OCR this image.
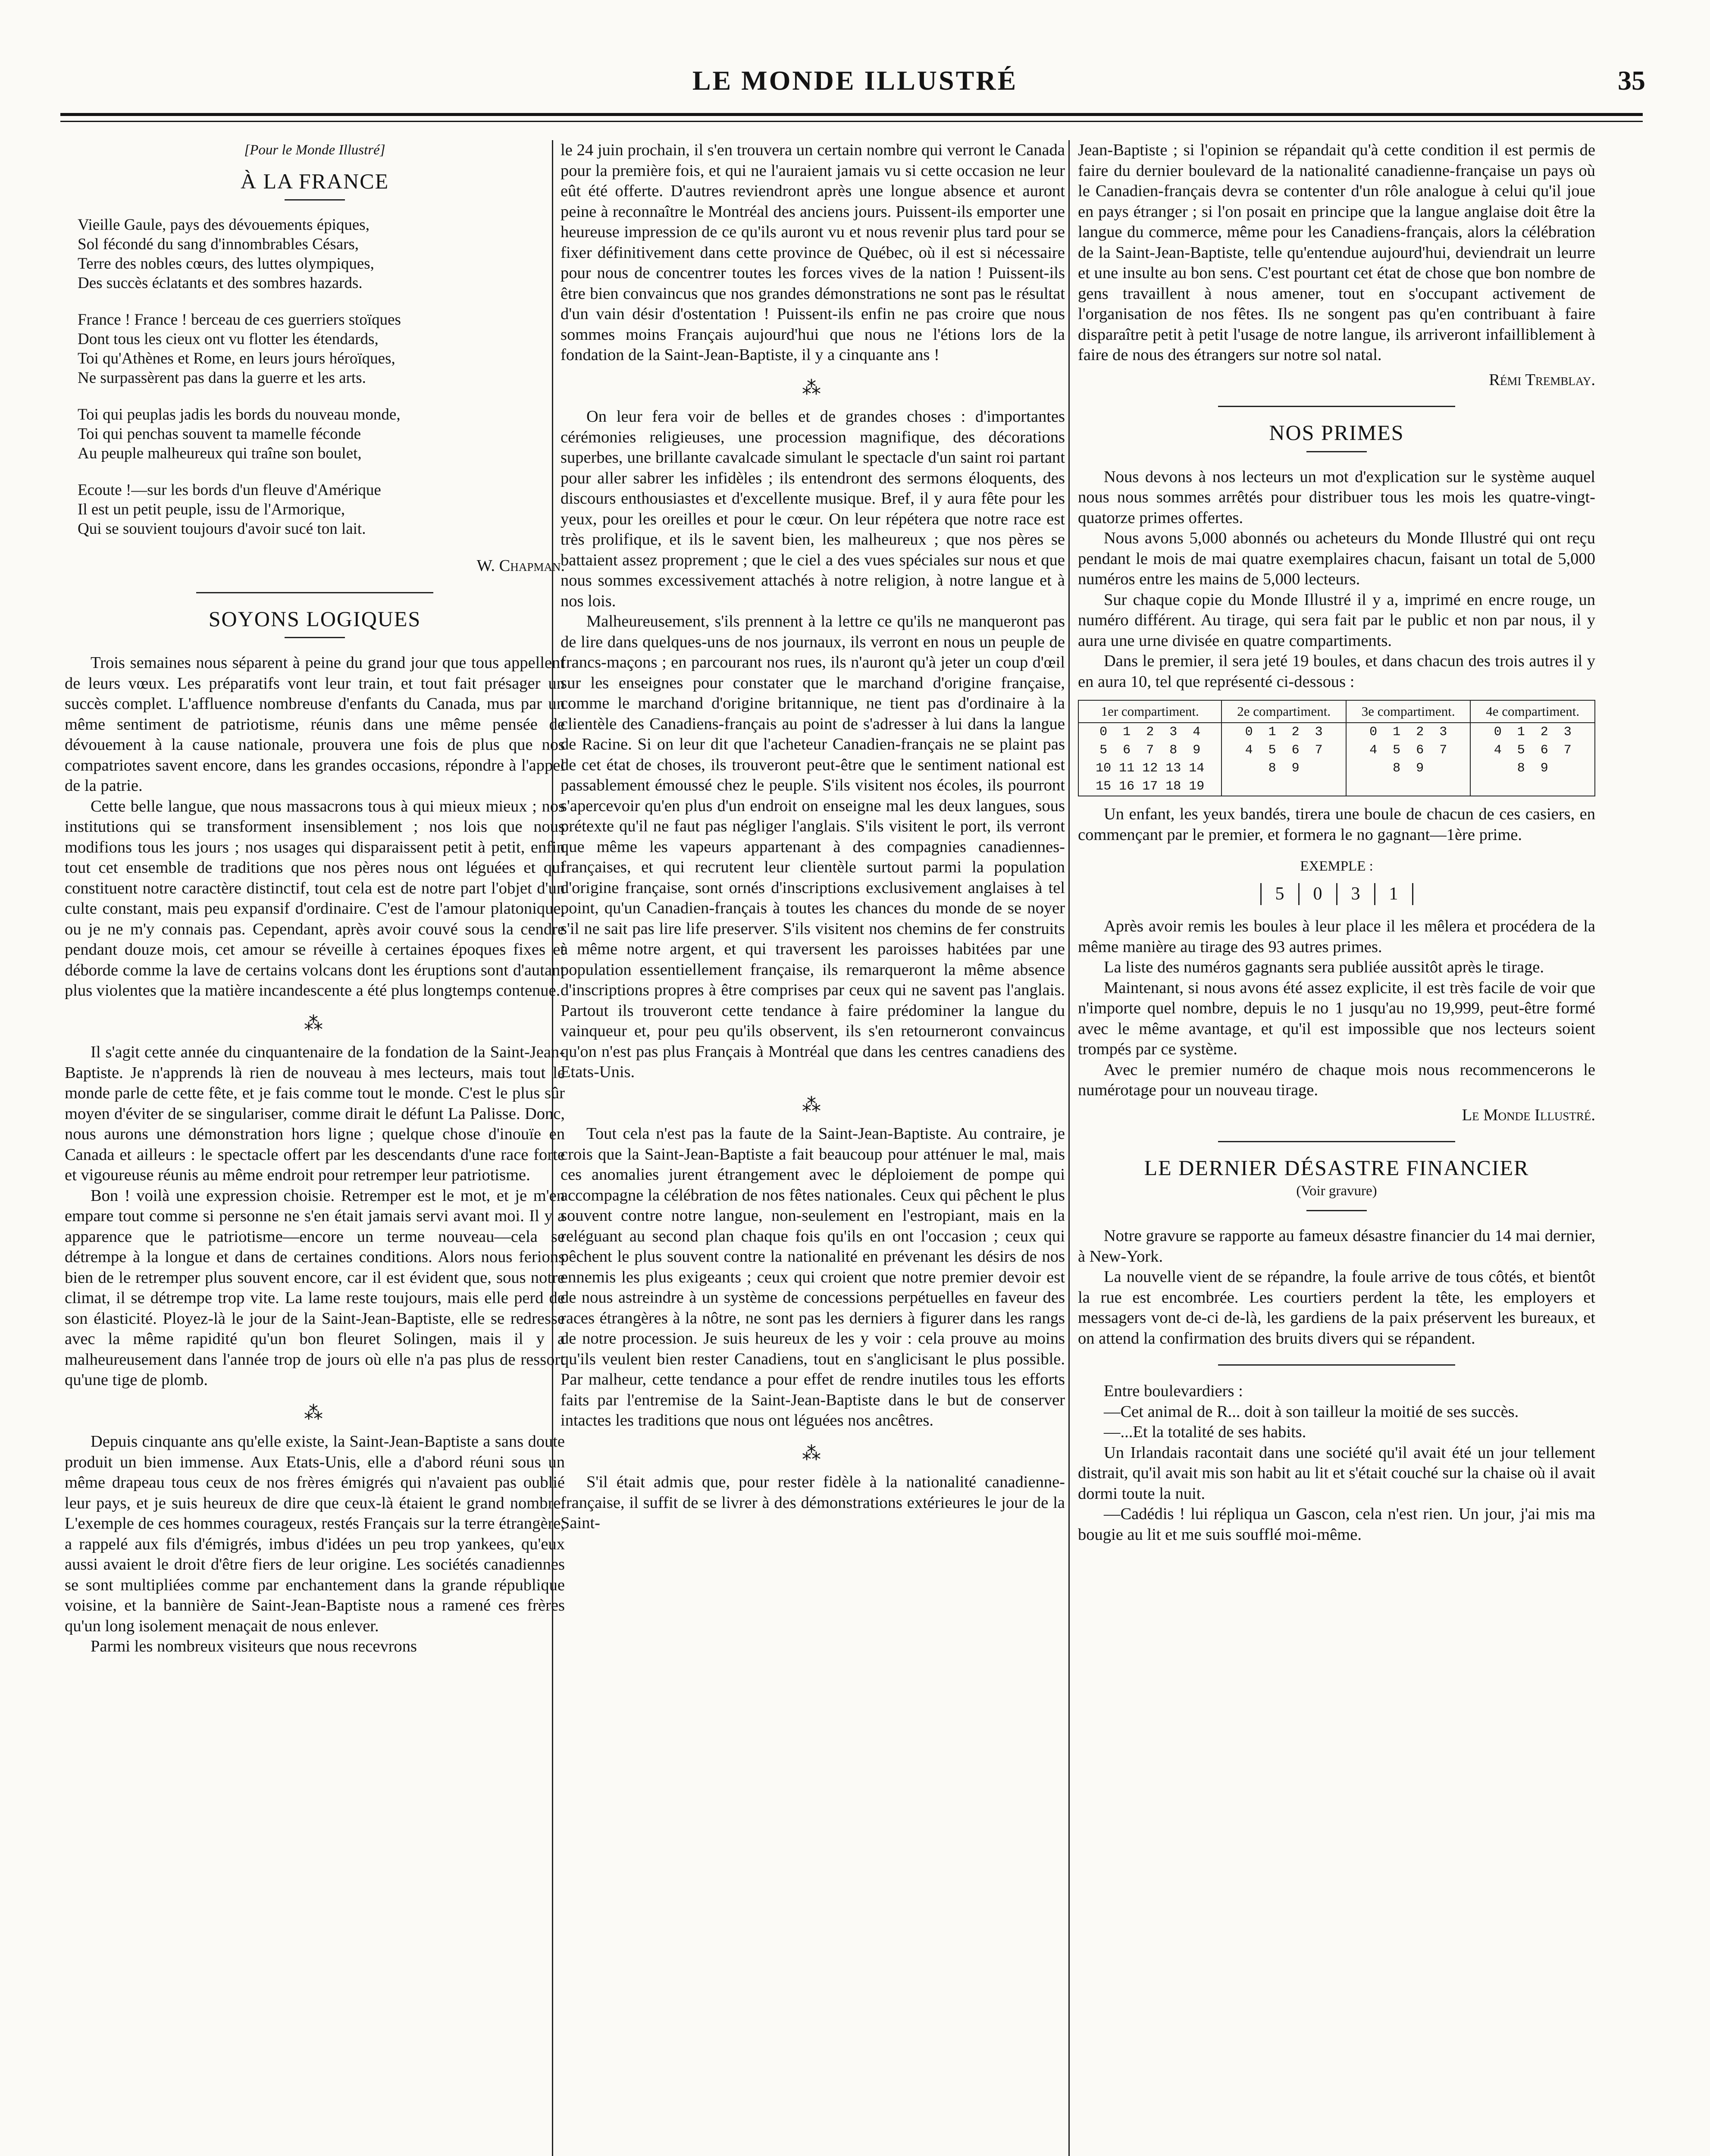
LE MONDE ILLUSTRÉ	35
[Pour le Monde Illustré]
À LA FRANCE
Vieille Gaule, pays des dévouements épiques,
Sol fécondé du sang d'innombrables Césars,
Terre des nobles cœurs, des luttes olympiques,
Des succès éclatants et des sombres hazards.
France ! France ! berceau de ces guerriers stoïques
Dont tous les cieux ont vu flotter les étendards,
Toi qu'Athènes et Rome, en leurs jours héroïques,
Ne surpassèrent pas dans la guerre et les arts.
Toi qui peuplas jadis les bords du nouveau monde,
Toi qui penchas souvent ta mamelle féconde
Au peuple malheureux qui traîne son boulet,
Ecoute !—sur les bords d'un fleuve d'Amérique
Il est un petit peuple, issu de l'Armorique,
Qui se souvient toujours d'avoir sucé ton lait.
W. Chapman.
SOYONS LOGIQUES

Trois semaines nous séparent à peine du grand jour que tous appellent de leurs vœux. Les préparatifs vont leur train, et tout fait présager un succès complet. L'affluence nombreuse d'enfants du Canada, mus par un même sentiment de patriotisme, réunis dans une même pensée de dévouement à la cause nationale, prouvera une fois de plus que nos compatriotes savent encore, dans les grandes occasions, répondre à l'appel de la patrie.

Cette belle langue, que nous massacrons tous à qui mieux mieux ; nos institutions qui se transforment insensiblement ; nos lois que nous modifions tous les jours ; nos usages qui disparaissent petit à petit, enfin tout cet ensemble de traditions que nos pères nous ont léguées et qui constituent notre caractère distinctif, tout cela est de notre part l'objet d'un culte constant, mais peu expansif d'ordinaire. C'est de l'amour platonique, ou je ne m'y connais pas. Cependant, après avoir couvé sous la cendre pendant douze mois, cet amour se réveille à certaines époques fixes et déborde comme la lave de certains volcans dont les éruptions sont d'autant plus violentes que la matière incandescente a été plus longtemps contenue.

⁂

Il s'agit cette année du cinquantenaire de la fondation de la Saint-Jean-Baptiste. Je n'apprends là rien de nouveau à mes lecteurs, mais tout le monde parle de cette fête, et je fais comme tout le monde. C'est le plus sûr moyen d'éviter de se singulariser, comme dirait le défunt La Palisse. Donc, nous aurons une démonstration hors ligne ; quelque chose d'inouïe en Canada et ailleurs : le spectacle offert par les descendants d'une race forte et vigoureuse réunis au même endroit pour retremper leur patriotisme.

Bon ! voilà une expression choisie. Retremper est le mot, et je m'en empare tout comme si personne ne s'en était jamais servi avant moi. Il y a apparence que le patriotisme—encore un terme nouveau—cela se détrempe à la longue et dans de certaines conditions. Alors nous ferions bien de le retremper plus souvent encore, car il est évident que, sous notre climat, il se détrempe trop vite. La lame reste toujours, mais elle perd de son élasticité. Ployez-là le jour de la Saint-Jean-Baptiste, elle se redresse avec la même rapidité qu'un bon fleuret Solingen, mais il y a malheureusement dans l'année trop de jours où elle n'a pas plus de ressort qu'une tige de plomb.

⁂

Depuis cinquante ans qu'elle existe, la Saint-Jean-Baptiste a sans doute produit un bien immense. Aux Etats-Unis, elle a d'abord réuni sous un même drapeau tous ceux de nos frères émigrés qui n'avaient pas oublié leur pays, et je suis heureux de dire que ceux-là étaient le grand nombre. L'exemple de ces hommes courageux, restés Français sur la terre étrangère, a rappelé aux fils d'émigrés, imbus d'idées un peu trop yankees, qu'eux aussi avaient le droit d'être fiers de leur origine. Les sociétés canadiennes se sont multipliées comme par enchantement dans la grande république voisine, et la bannière de Saint-Jean-Baptiste nous a ramené ces frères qu'un long isolement menaçait de nous enlever.

Parmi les nombreux visiteurs que nous recevrons

le 24 juin prochain, il s'en trouvera un certain nombre qui verront le Canada pour la première fois, et qui ne l'auraient jamais vu si cette occasion ne leur eût été offerte. D'autres reviendront après une longue absence et auront peine à reconnaître le Montréal des anciens jours. Puissent-ils emporter une heureuse impression de ce qu'ils auront vu et nous revenir plus tard pour se fixer définitivement dans cette province de Québec, où il est si nécessaire pour nous de concentrer toutes les forces vives de la nation ! Puissent-ils être bien convaincus que nos grandes démonstrations ne sont pas le résultat d'un vain désir d'ostentation ! Puissent-ils enfin ne pas croire que nous sommes moins Français aujourd'hui que nous ne l'étions lors de la fondation de la Saint-Jean-Baptiste, il y a cinquante ans !

⁂

On leur fera voir de belles et de grandes choses : d'importantes cérémonies religieuses, une procession magnifique, des décorations superbes, une brillante cavalcade simulant le spectacle d'un saint roi partant pour aller sabrer les infidèles ; ils entendront des sermons éloquents, des discours enthousiastes et d'excellente musique. Bref, il y aura fête pour les yeux, pour les oreilles et pour le cœur. On leur répétera que notre race est très prolifique, et ils le savent bien, les malheureux ; que nos pères se battaient assez proprement ; que le ciel a des vues spéciales sur nous et que nous sommes excessivement attachés à notre religion, à notre langue et à nos lois.

Malheureusement, s'ils prennent à la lettre ce qu'ils ne manqueront pas de lire dans quelques-uns de nos journaux, ils verront en nous un peuple de francs-maçons ; en parcourant nos rues, ils n'auront qu'à jeter un coup d'œil sur les enseignes pour constater que le marchand d'origine française, comme le marchand d'origine britannique, ne tient pas d'ordinaire à la clientèle des Canadiens-français au point de s'adresser à lui dans la langue de Racine. Si on leur dit que l'acheteur Canadien-français ne se plaint pas de cet état de choses, ils trouveront peut-être que le sentiment national est passablement émoussé chez le peuple. S'ils visitent nos écoles, ils pourront s'apercevoir qu'en plus d'un endroit on enseigne mal les deux langues, sous prétexte qu'il ne faut pas négliger l'anglais. S'ils visitent le port, ils verront que même les vapeurs appartenant à des compagnies canadiennes-françaises, et qui recrutent leur clientèle surtout parmi la population d'origine française, sont ornés d'inscriptions exclusivement anglaises à tel point, qu'un Canadien-français à toutes les chances du monde de se noyer s'il ne sait pas lire life preserver. S'ils visitent nos chemins de fer construits à même notre argent, et qui traversent les paroisses habitées par une population essentiellement française, ils remarqueront la même absence d'inscriptions propres à être comprises par ceux qui ne savent pas l'anglais. Partout ils trouveront cette tendance à faire prédominer la langue du vainqueur et, pour peu qu'ils observent, ils s'en retourneront convaincus qu'on n'est pas plus Français à Montréal que dans les centres canadiens des Etats-Unis.

⁂

Tout cela n'est pas la faute de la Saint-Jean-Baptiste. Au contraire, je crois que la Saint-Jean-Baptiste a fait beaucoup pour atténuer le mal, mais ces anomalies jurent étrangement avec le déploiement de pompe qui accompagne la célébration de nos fêtes nationales. Ceux qui pêchent le plus souvent contre notre langue, non-seulement en l'estropiant, mais en la reléguant au second plan chaque fois qu'ils en ont l'occasion ; ceux qui pêchent le plus souvent contre la nationalité en prévenant les désirs de nos ennemis les plus exigeants ; ceux qui croient que notre premier devoir est de nous astreindre à un système de concessions perpétuelles en faveur des races étrangères à la nôtre, ne sont pas les derniers à figurer dans les rangs de notre procession. Je suis heureux de les y voir : cela prouve au moins qu'ils veulent bien rester Canadiens, tout en s'anglicisant le plus possible. Par malheur, cette tendance a pour effet de rendre inutiles tous les efforts faits par l'entremise de la Saint-Jean-Baptiste dans le but de conserver intactes les traditions que nous ont léguées nos ancêtres.

⁂

S'il était admis que, pour rester fidèle à la nationalité canadienne-française, il suffit de se livrer à des démonstrations extérieures le jour de la Saint-

Jean-Baptiste ; si l'opinion se répandait qu'à cette condition il est permis de faire du dernier boulevard de la nationalité canadienne-française un pays où le Canadien-français devra se contenter d'un rôle analogue à celui qu'il joue en pays étranger ; si l'on posait en principe que la langue anglaise doit être la langue du commerce, même pour les Canadiens-français, alors la célébration de la Saint-Jean-Baptiste, telle qu'entendue aujourd'hui, deviendrait un leurre et une insulte au bon sens. C'est pourtant cet état de chose que bon nombre de gens travaillent à nous amener, tout en s'occupant activement de l'organisation de nos fêtes. Ils ne songent pas qu'en contribuant à faire disparaître petit à petit l'usage de notre langue, ils arriveront infailliblement à faire de nous des étrangers sur notre sol natal.

Rémi Tremblay.
NOS PRIMES

Nous devons à nos lecteurs un mot d'explication sur le système auquel nous nous sommes arrêtés pour distribuer tous les mois les quatre-vingt-quatorze primes offertes.

Nous avons 5,000 abonnés ou acheteurs du Monde Illustré qui ont reçu pendant le mois de mai quatre exemplaires chacun, faisant un total de 5,000 numéros entre les mains de 5,000 lecteurs.

Sur chaque copie du Monde Illustré il y a, imprimé en encre rouge, un numéro différent. Au tirage, qui sera fait par le public et non par nous, il y aura une urne divisée en quatre compartiments.

Dans le premier, il sera jeté 19 boules, et dans chacun des trois autres il y en aura 10, tel que représenté ci-dessous :

1er compartiment.	2e compartiment.	3e compartiment.	4e compartiment.
0  1  2  3  4	0  1  2  3	0  1  2  3	0  1  2  3
5  6  7  8  9	4  5  6  7	4  5  6  7	4  5  6  7
10 11 12 13 14	8  9	8  9	8  9
15 16 17 18 19			

Un enfant, les yeux bandés, tirera une boule de chacun de ces casiers, en commençant par le premier, et formera le no gagnant—1ère prime.

EXEMPLE :
5	0	3	1

Après avoir remis les boules à leur place il les mêlera et procédera de la même manière au tirage des 93 autres primes.

La liste des numéros gagnants sera publiée aussitôt après le tirage.

Maintenant, si nous avons été assez explicite, il est très facile de voir que n'importe quel nombre, depuis le no 1 jusqu'au no 19,999, peut-être formé avec le même avantage, et qu'il est impossible que nos lecteurs soient trompés par ce système.

Avec le premier numéro de chaque mois nous recommencerons le numérotage pour un nouveau tirage.

Le Monde Illustré.
LE DERNIER DÉSASTRE FINANCIER
(Voir gravure)

Notre gravure se rapporte au fameux désastre financier du 14 mai dernier, à New-York.

La nouvelle vient de se répandre, la foule arrive de tous côtés, et bientôt la rue est encombrée. Les courtiers perdent la tête, les employers et messagers vont de-ci de-là, les gardiens de la paix préservent les bureaux, et on attend la confirmation des bruits divers qui se répandent.

Entre boulevardiers :

—Cet animal de R... doit à son tailleur la moitié de ses succès.

—...Et la totalité de ses habits.

Un Irlandais racontait dans une société qu'il avait été un jour tellement distrait, qu'il avait mis son habit au lit et s'était couché sur la chaise où il avait dormi toute la nuit.

—Cadédis ! lui répliqua un Gascon, cela n'est rien. Un jour, j'ai mis ma bougie au lit et me suis soufflé moi-même.
